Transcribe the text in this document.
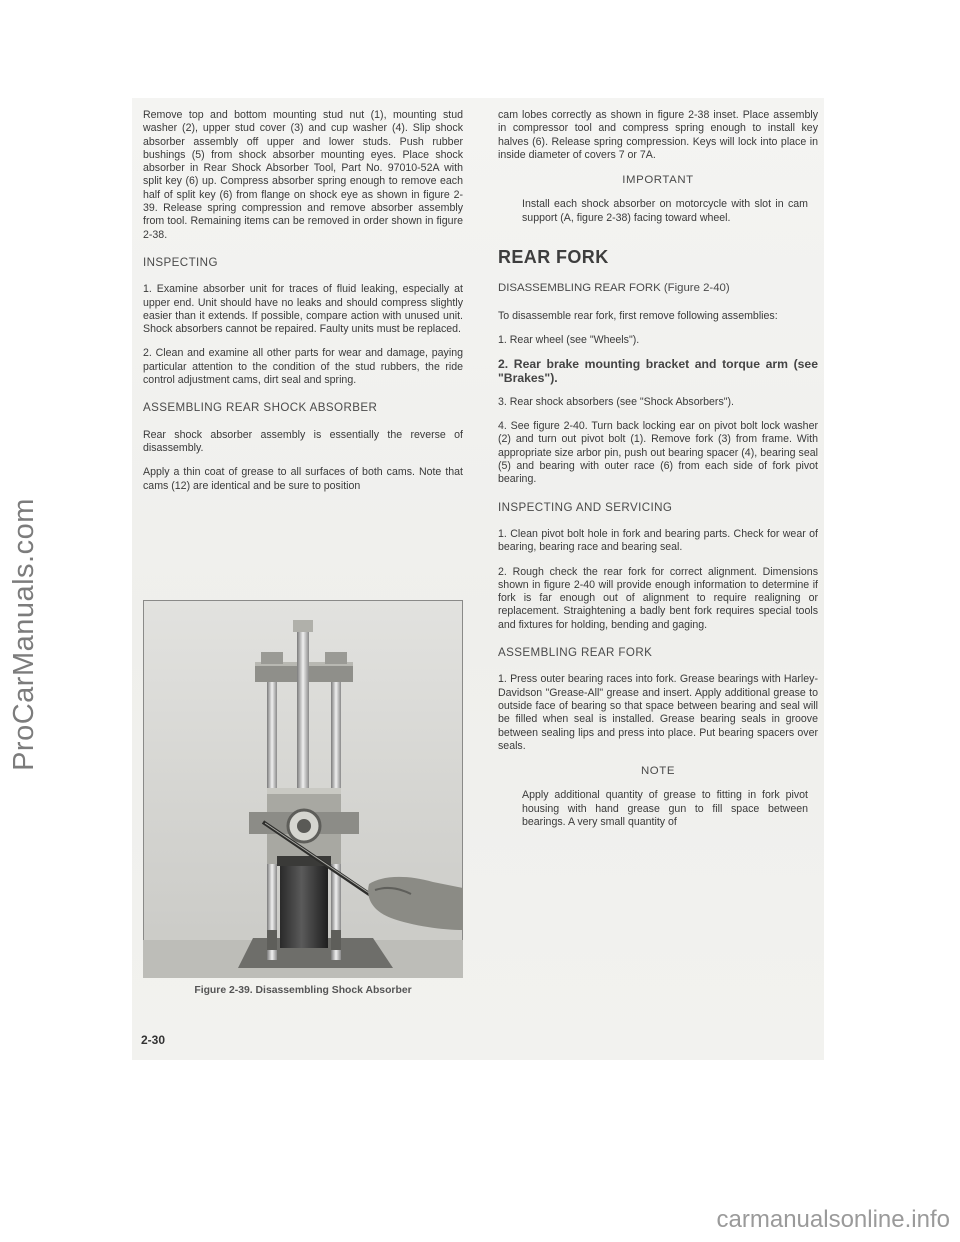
ProCarManuals.com

Remove top and bottom mounting stud nut (1), mounting stud washer (2), upper stud cover (3) and cup washer (4). Slip shock absorber assembly off upper and lower studs. Push rubber bushings (5) from shock absorber mounting eyes. Place shock absorber in Rear Shock Absorber Tool, Part No. 97010-52A with split key (6) up. Compress absorber spring enough to remove each half of split key (6) from flange on shock eye as shown in figure 2-39. Release spring compression and remove absorber assembly from tool. Remaining items can be removed in order shown in figure 2-38.

INSPECTING

1. Examine absorber unit for traces of fluid leaking, especially at upper end. Unit should have no leaks and should compress slightly easier than it extends. If possible, compare action with unused unit. Shock absorbers cannot be repaired. Faulty units must be replaced.

2. Clean and examine all other parts for wear and damage, paying particular attention to the condition of the stud rubbers, the ride control adjustment cams, dirt seal and spring.

ASSEMBLING REAR SHOCK ABSORBER

Rear shock absorber assembly is essentially the reverse of disassembly.

Apply a thin coat of grease to all surfaces of both cams. Note that cams (12) are identical and be sure to position

Figure 2-39. Disassembling Shock Absorber

cam lobes correctly as shown in figure 2-38 inset. Place assembly in compressor tool and compress spring enough to install key halves (6). Release spring compression. Keys will lock into place in inside diameter of covers 7 or 7A.

IMPORTANT

Install each shock absorber on motorcycle with slot in cam support (A, figure 2-38) facing toward wheel.

REAR FORK
DISASSEMBLING REAR FORK (Figure 2-40)

To disassemble rear fork, first remove following assemblies:

1. Rear wheel (see "Wheels").

2. Rear brake mounting bracket and torque arm (see "Brakes").

3. Rear shock absorbers (see "Shock Absorbers").

4. See figure 2-40. Turn back locking ear on pivot bolt lock washer (2) and turn out pivot bolt (1). Remove fork (3) from frame. With appropriate size arbor pin, push out bearing spacer (4), bearing seal (5) and bearing with outer race (6) from each side of fork pivot bearing.

INSPECTING AND SERVICING

1. Clean pivot bolt hole in fork and bearing parts. Check for wear of bearing, bearing race and bearing seal.

2. Rough check the rear fork for correct alignment. Dimensions shown in figure 2-40 will provide enough information to determine if fork is far enough out of alignment to require realigning or replacement. Straightening a badly bent fork requires special tools and fixtures for holding, bending and gaging.

ASSEMBLING REAR FORK

1. Press outer bearing races into fork. Grease bearings with Harley-Davidson "Grease-All" grease and insert. Apply additional grease to outside face of bearing so that space between bearing and seal will be filled when seal is installed. Grease bearing seals in groove between sealing lips and press into place. Put bearing spacers over seals.

NOTE

Apply additional quantity of grease to fitting in fork pivot housing with hand grease gun to fill space between bearings. A very small quantity of

2-30
carmanualsonline.info
